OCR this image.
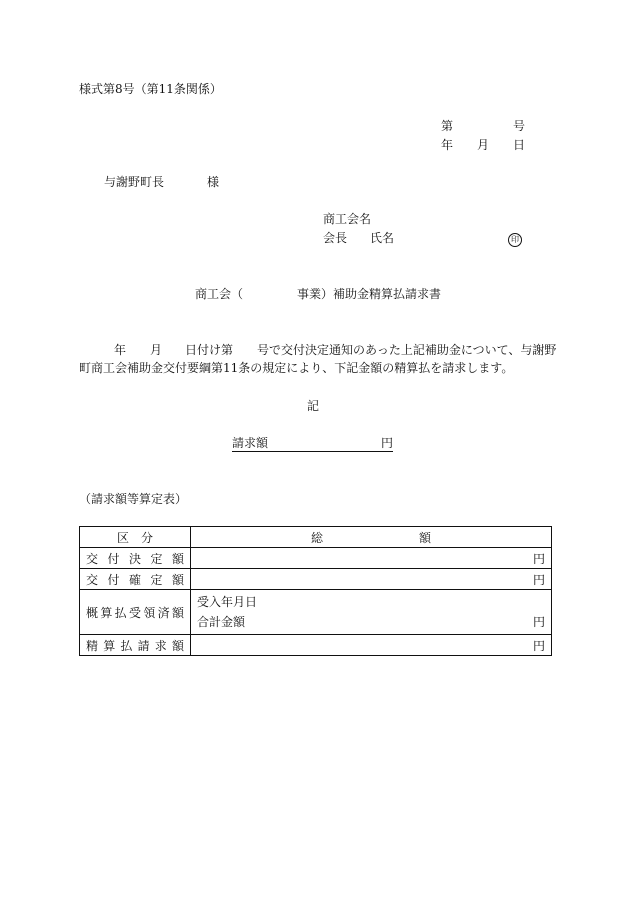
様式第8号（第11条関係）
第	号
年 月 日
与謝野町長	様
商工会名
会長 氏名	印
商工会（	事業）補助金精算払請求書
年 月 日付け第　　号で交付決定通知のあった上記補助金について、与謝野
町商工会補助金交付要綱第11条の規定により、下記金額の精算払を請求します。
記
請求額	円
（請求額等算定表）
区　分	総　　　　　　　　額
交付決定額	円
交付確定額	円
概算払受領済額	受入年月日
合計金額 円

精算払請求額	円
